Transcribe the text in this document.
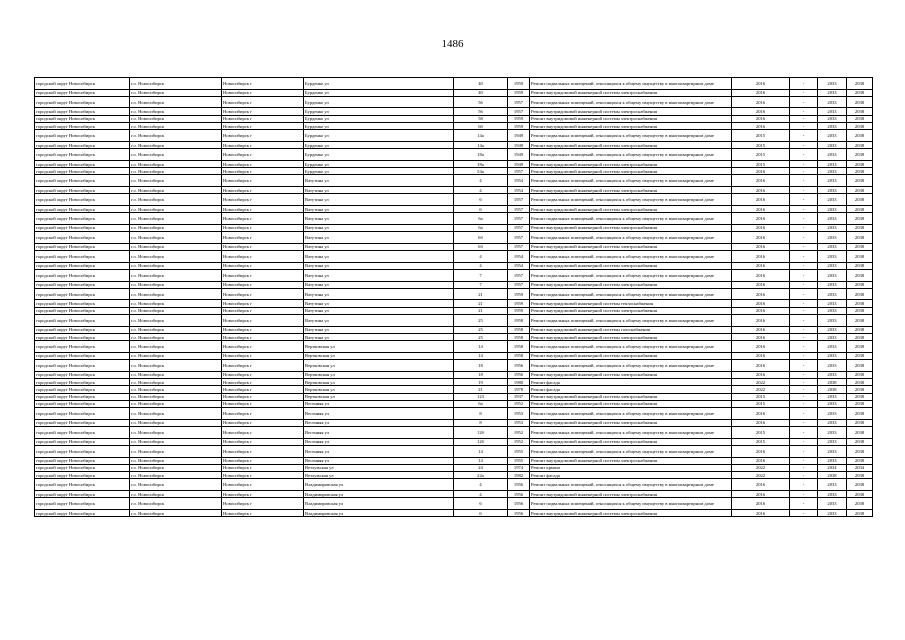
1486
городской округ Новосибирск	г.о. Новосибирск	Новосибирск г	Бурденко ул	40	1959	Ремонт подвальных помещений, относящихся к общему имуществу в многоквартирном доме	2016	-	2033	2038
городской округ Новосибирск	г.о. Новосибирск	Новосибирск г	Бурденко ул	40	1959	Ремонт внутридомовой инженерной системы электроснабжения	2016	-	2033	2038
городской округ Новосибирск	г.о. Новосибирск	Новосибирск г	Бурденко ул	56	1957	Ремонт подвальных помещений, относящихся к общему имуществу в многоквартирном доме	2016	-	2033	2038
городской округ Новосибирск	г.о. Новосибирск	Новосибирск г	Бурденко ул	56	1957	Ремонт внутридомовой инженерной системы электроснабжения	2016	-	2033	2038
городской округ Новосибирск	г.о. Новосибирск	Новосибирск г	Бурденко ул	58	1959	Ремонт внутридомовой инженерной системы электроснабжения	2016	-	2033	2038
городской округ Новосибирск	г.о. Новосибирск	Новосибирск г	Бурденко ул	60	1959	Ремонт внутридомовой инженерной системы электроснабжения	2016	-	2033	2038
городской округ Новосибирск	г.о. Новосибирск	Новосибирск г	Бурденко ул	14а	1949	Ремонт подвальных помещений, относящихся к общему имуществу в многоквартирном доме	2015	-	2033	2038
городской округ Новосибирск	г.о. Новосибирск	Новосибирск г	Бурденко ул	14а	1949	Ремонт внутридомовой инженерной системы электроснабжения	2015	-	2033	2038
городской округ Новосибирск	г.о. Новосибирск	Новосибирск г	Бурденко ул	18а	1949	Ремонт подвальных помещений, относящихся к общему имуществу в многоквартирном доме	2015	-	2033	2038
городской округ Новосибирск	г.о. Новосибирск	Новосибирск г	Бурденко ул	18а	1949	Ремонт внутридомовой инженерной системы электроснабжения	2015	-	2033	2038
городской округ Новосибирск	г.о. Новосибирск	Новосибирск г	Бурденко ул	54а	1957	Ремонт внутридомовой инженерной системы электроснабжения	2016	-	2033	2038
городской округ Новосибирск	г.о. Новосибирск	Новосибирск г	Ватутина ул	4	1954	Ремонт подвальных помещений, относящихся к общему имуществу в многоквартирном доме	2016	-	2033	2038
городской округ Новосибирск	г.о. Новосибирск	Новосибирск г	Ватутина ул	4	1954	Ремонт внутридомовой инженерной системы электроснабжения	2016	-	2033	2038
городской округ Новосибирск	г.о. Новосибирск	Новосибирск г	Ватутина ул	6	1957	Ремонт подвальных помещений, относящихся к общему имуществу в многоквартирном доме	2016	-	2033	2038
городской округ Новосибирск	г.о. Новосибирск	Новосибирск г	Ватутина ул	6	1957	Ремонт внутридомовой инженерной системы электроснабжения	2016	-	2033	2038
городской округ Новосибирск	г.о. Новосибирск	Новосибирск г	Ватутина ул	6а	1957	Ремонт подвальных помещений, относящихся к общему имуществу в многоквартирном доме	2016	-	2033	2038
городской округ Новосибирск	г.о. Новосибирск	Новосибирск г	Ватутина ул	6а	1957	Ремонт внутридомовой инженерной системы электроснабжения	2016	-	2033	2038
городской округ Новосибирск	г.о. Новосибирск	Новосибирск г	Ватутина ул	6б	1957	Ремонт подвальных помещений, относящихся к общему имуществу в многоквартирном доме	2016	-	2033	2038
городской округ Новосибирск	г.о. Новосибирск	Новосибирск г	Ватутина ул	6б	1957	Ремонт внутридомовой инженерной системы электроснабжения	2016	-	2033	2038
городской округ Новосибирск	г.о. Новосибирск	Новосибирск г	Ватутина ул	4	1954	Ремонт подвальных помещений, относящихся к общему имуществу в многоквартирном доме	2016	-	2033	2038
городской округ Новосибирск	г.о. Новосибирск	Новосибирск г	Ватутина ул	4	1954	Ремонт внутридомовой инженерной системы электроснабжения	2016	-	2033	2038
городской округ Новосибирск	г.о. Новосибирск	Новосибирск г	Ватутина ул	7	1957	Ремонт подвальных помещений, относящихся к общему имуществу в многоквартирном доме	2016	-	2033	2038
городской округ Новосибирск	г.о. Новосибирск	Новосибирск г	Ватутина ул	7	1957	Ремонт внутридомовой инженерной системы электроснабжения	2016	-	2033	2038
городской округ Новосибирск	г.о. Новосибирск	Новосибирск г	Ватутина ул	21	1959	Ремонт подвальных помещений, относящихся к общему имуществу в многоквартирном доме	2016	-	2033	2038
городской округ Новосибирск	г.о. Новосибирск	Новосибирск г	Ватутина ул	21	1959	Ремонт внутридомовой инженерной системы теплоснабжения	2016	-	2033	2038
городской округ Новосибирск	г.о. Новосибирск	Новосибирск г	Ватутина ул	21	1959	Ремонт внутридомовой инженерной системы электроснабжения	2016	-	2033	2038
городской округ Новосибирск	г.о. Новосибирск	Новосибирск г	Ватутина ул	25	1958	Ремонт подвальных помещений, относящихся к общему имуществу в многоквартирном доме	2016	-	2033	2038
городской округ Новосибирск	г.о. Новосибирск	Новосибирск г	Ватутина ул	25	1958	Ремонт внутридомовой инженерной системы газоснабжения	2016	-	2033	2038
городской округ Новосибирск	г.о. Новосибирск	Новосибирск г	Ватутина ул	25	1958	Ремонт внутридомовой инженерной системы электроснабжения	2016	-	2033	2038
городской округ Новосибирск	г.о. Новосибирск	Новосибирск г	Вертковская ул	14	1958	Ремонт подвальных помещений, относящихся к общему имуществу в многоквартирном доме	2016	-	2033	2038
городской округ Новосибирск	г.о. Новосибирск	Новосибирск г	Вертковская ул	14	1958	Ремонт внутридомовой инженерной системы электроснабжения	2016	-	2033	2038
городской округ Новосибирск	г.о. Новосибирск	Новосибирск г	Вертковская ул	18	1956	Ремонт подвальных помещений, относящихся к общему имуществу в многоквартирном доме	2016	-	2033	2038
городской округ Новосибирск	г.о. Новосибирск	Новосибирск г	Вертковская ул	18	1956	Ремонт внутридомовой инженерной системы электроснабжения	2016	-	2033	2038
городской округ Новосибирск	г.о. Новосибирск	Новосибирск г	Вертковская ул	19	1980	Ремонт фасада	2022	-	2038	2038
городской округ Новосибирск	г.о. Новосибирск	Новосибирск г	Вертковская ул	21	1978	Ремонт фасада	2022	-	2038	2038
городской округ Новосибирск	г.о. Новосибирск	Новосибирск г	Вертковская ул	123	1937	Ремонт внутридомовой инженерной системы электроснабжения	2015	-	2033	2038
городской округ Новосибирск	г.о. Новосибирск	Новосибирск г	Весенняя ул	6а	1952	Ремонт внутридомовой инженерной системы электроснабжения	2015	-	2033	2038
городской округ Новосибирск	г.о. Новосибирск	Новосибирск г	Весенняя ул	8	1953	Ремонт подвальных помещений, относящихся к общему имуществу в многоквартирном доме	2016	-	2033	2038
городской округ Новосибирск	г.о. Новосибирск	Новосибирск г	Весенняя ул	8	1953	Ремонт внутридомовой инженерной системы электроснабжения	2016	-	2033	2038
городской округ Новосибирск	г.о. Новосибирск	Новосибирск г	Весенняя ул	12б	1952	Ремонт подвальных помещений, относящихся к общему имуществу в многоквартирном доме	2015	-	2033	2038
городской округ Новосибирск	г.о. Новосибирск	Новосибирск г	Весенняя ул	12б	1952	Ремонт внутридомовой инженерной системы электроснабжения	2015	-	2033	2038
городской округ Новосибирск	г.о. Новосибирск	Новосибирск г	Весенняя ул	14	1955	Ремонт подвальных помещений, относящихся к общему имуществу в многоквартирном доме	2016	-	2033	2038
городской округ Новосибирск	г.о. Новосибирск	Новосибирск г	Весенняя ул	14	1955	Ремонт внутридомовой инженерной системы электроснабжения	2016	-	2033	2038
городской округ Новосибирск	г.о. Новосибирск	Новосибирск г	Ветлужская ул	24	1974	Ремонт крыши	2022	-	2034	2034
городской округ Новосибирск	г.о. Новосибирск	Новосибирск г	Ветлужская ул	22а	1982	Ремонт фасада	2022	-	2038	2038
городской округ Новосибирск	г.о. Новосибирск	Новосибирск г	Владимировская ул	4	1956	Ремонт подвальных помещений, относящихся к общему имуществу в многоквартирном доме	2016	-	2033	2038
городской округ Новосибирск	г.о. Новосибирск	Новосибирск г	Владимировская ул	4	1956	Ремонт внутридомовой инженерной системы электроснабжения	2016	-	2033	2038
городской округ Новосибирск	г.о. Новосибирск	Новосибирск г	Владимировская ул	6	1956	Ремонт подвальных помещений, относящихся к общему имуществу в многоквартирном доме	2016	-	2033	2038
городской округ Новосибирск	г.о. Новосибирск	Новосибирск г	Владимировская ул	6	1956	Ремонт внутридомовой инженерной системы электроснабжения	2016	-	2033	2038
